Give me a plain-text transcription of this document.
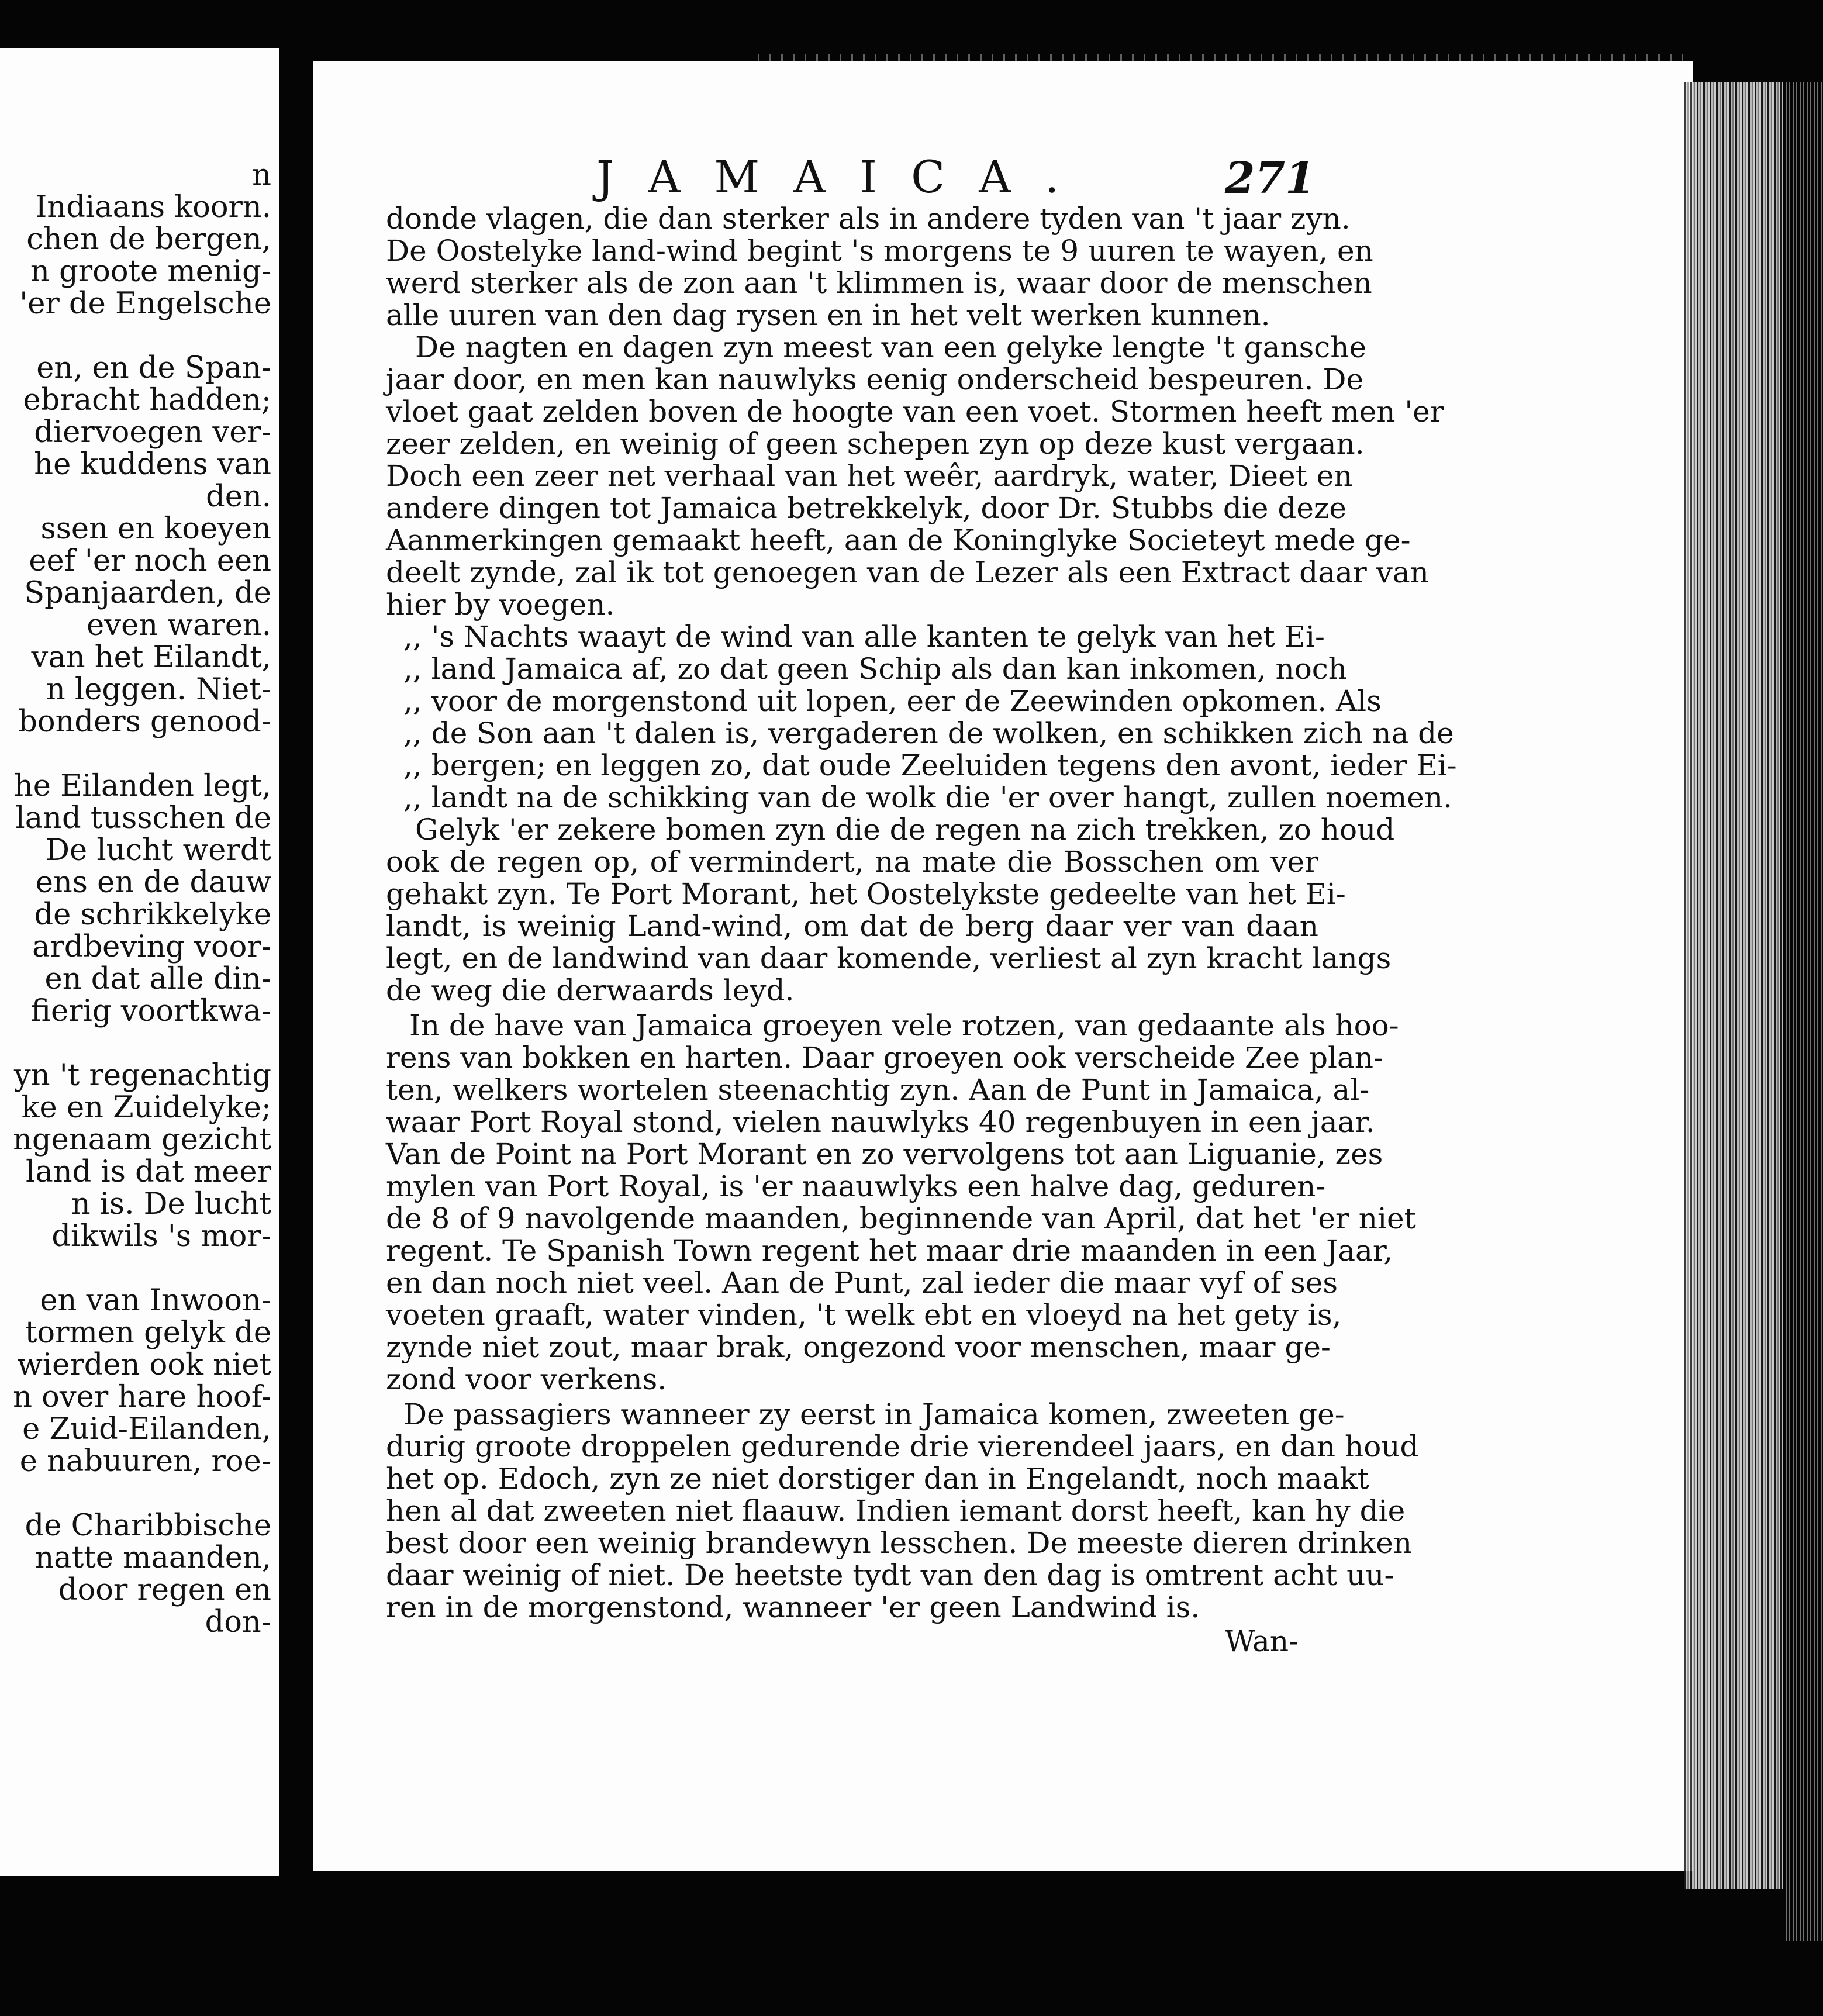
n
Indiaans koorn.
chen de bergen,
n groote menig-
'er de Engelsche
en, en de Span-
ebracht hadden;
diervoegen ver-
he kuddens van
den.
ssen en koeyen
eef 'er noch een
Spanjaarden, de
even waren.
van het Eilandt,
n leggen. Niet-
bonders genood-
he Eilanden legt,
land tusschen de
De lucht werdt
ens en de dauw
de schrikkelyke
ardbeving voor-
en dat alle din-
fierig voortkwa-
yn 't regenachtig
ke en Zuidelyke;
ngenaam gezicht
land is dat meer
n is. De lucht
dikwils 's mor-
en van Inwoon-
tormen gelyk de
wierden ook niet
n over hare hoof-
e Zuid-Eilanden,
e nabuuren, roe-
de Charibbische
natte maanden,
door regen en
don-
JAMAICA.	271
donde vlagen, die dan sterker als in andere tyden van 't jaar zyn.
De Oostelyke land-wind begint 's morgens te 9 uuren te wayen, en
werd sterker als de zon aan 't klimmen is, waar door de menschen
alle uuren van den dag rysen en in het velt werken kunnen.
De nagten en dagen zyn meest van een gelyke lengte 't gansche
jaar door, en men kan nauwlyks eenig onderscheid bespeuren. De
vloet gaat zelden boven de hoogte van een voet. Stormen heeft men 'er
zeer zelden, en weinig of geen schepen zyn op deze kust vergaan.
Doch een zeer net verhaal van het weêr, aardryk, water, Dieet en
andere dingen tot Jamaica betrekkelyk, door Dr. Stubbs die deze
Aanmerkingen gemaakt heeft, aan de Koninglyke Societeyt mede ge-
deelt zynde, zal ik tot genoegen van de Lezer als een Extract daar van
hier by voegen.
,, 's Nachts waayt de wind van alle kanten te gelyk van het Ei-
,, land Jamaica af, zo dat geen Schip als dan kan inkomen, noch
,, voor de morgenstond uit lopen, eer de Zeewinden opkomen. Als
,, de Son aan 't dalen is, vergaderen de wolken, en schikken zich na de
,, bergen; en leggen zo, dat oude Zeeluiden tegens den avont, ieder Ei-
,, landt na de schikking van de wolk die 'er over hangt, zullen noemen.
Gelyk 'er zekere bomen zyn die de regen na zich trekken, zo houd
ook de regen op, of vermindert, na mate die Bosschen om ver
gehakt zyn. Te Port Morant, het Oostelykste gedeelte van het Ei-
landt, is weinig Land-wind, om dat de berg daar ver van daan
legt, en de landwind van daar komende, verliest al zyn kracht langs
de weg die derwaards leyd.
In de have van Jamaica groeyen vele rotzen, van gedaante als hoo-
rens van bokken en harten. Daar groeyen ook verscheide Zee plan-
ten, welkers wortelen steenachtig zyn. Aan de Punt in Jamaica, al-
waar Port Royal stond, vielen nauwlyks 40 regenbuyen in een jaar.
Van de Point na Port Morant en zo vervolgens tot aan Liguanie, zes
mylen van Port Royal, is 'er naauwlyks een halve dag, geduren-
de 8 of 9 navolgende maanden, beginnende van April, dat het 'er niet
regent. Te Spanish Town regent het maar drie maanden in een Jaar,
en dan noch niet veel. Aan de Punt, zal ieder die maar vyf of ses
voeten graaft, water vinden, 't welk ebt en vloeyd na het gety is,
zynde niet zout, maar brak, ongezond voor menschen, maar ge-
zond voor verkens.
De passagiers wanneer zy eerst in Jamaica komen, zweeten ge-
durig groote droppelen gedurende drie vierendeel jaars, en dan houd
het op. Edoch, zyn ze niet dorstiger dan in Engelandt, noch maakt
hen al dat zweeten niet flaauw. Indien iemant dorst heeft, kan hy die
best door een weinig brandewyn lesschen. De meeste dieren drinken
daar weinig of niet. De heetste tydt van den dag is omtrent acht uu-
ren in de morgenstond, wanneer 'er geen Landwind is.
Wan-
